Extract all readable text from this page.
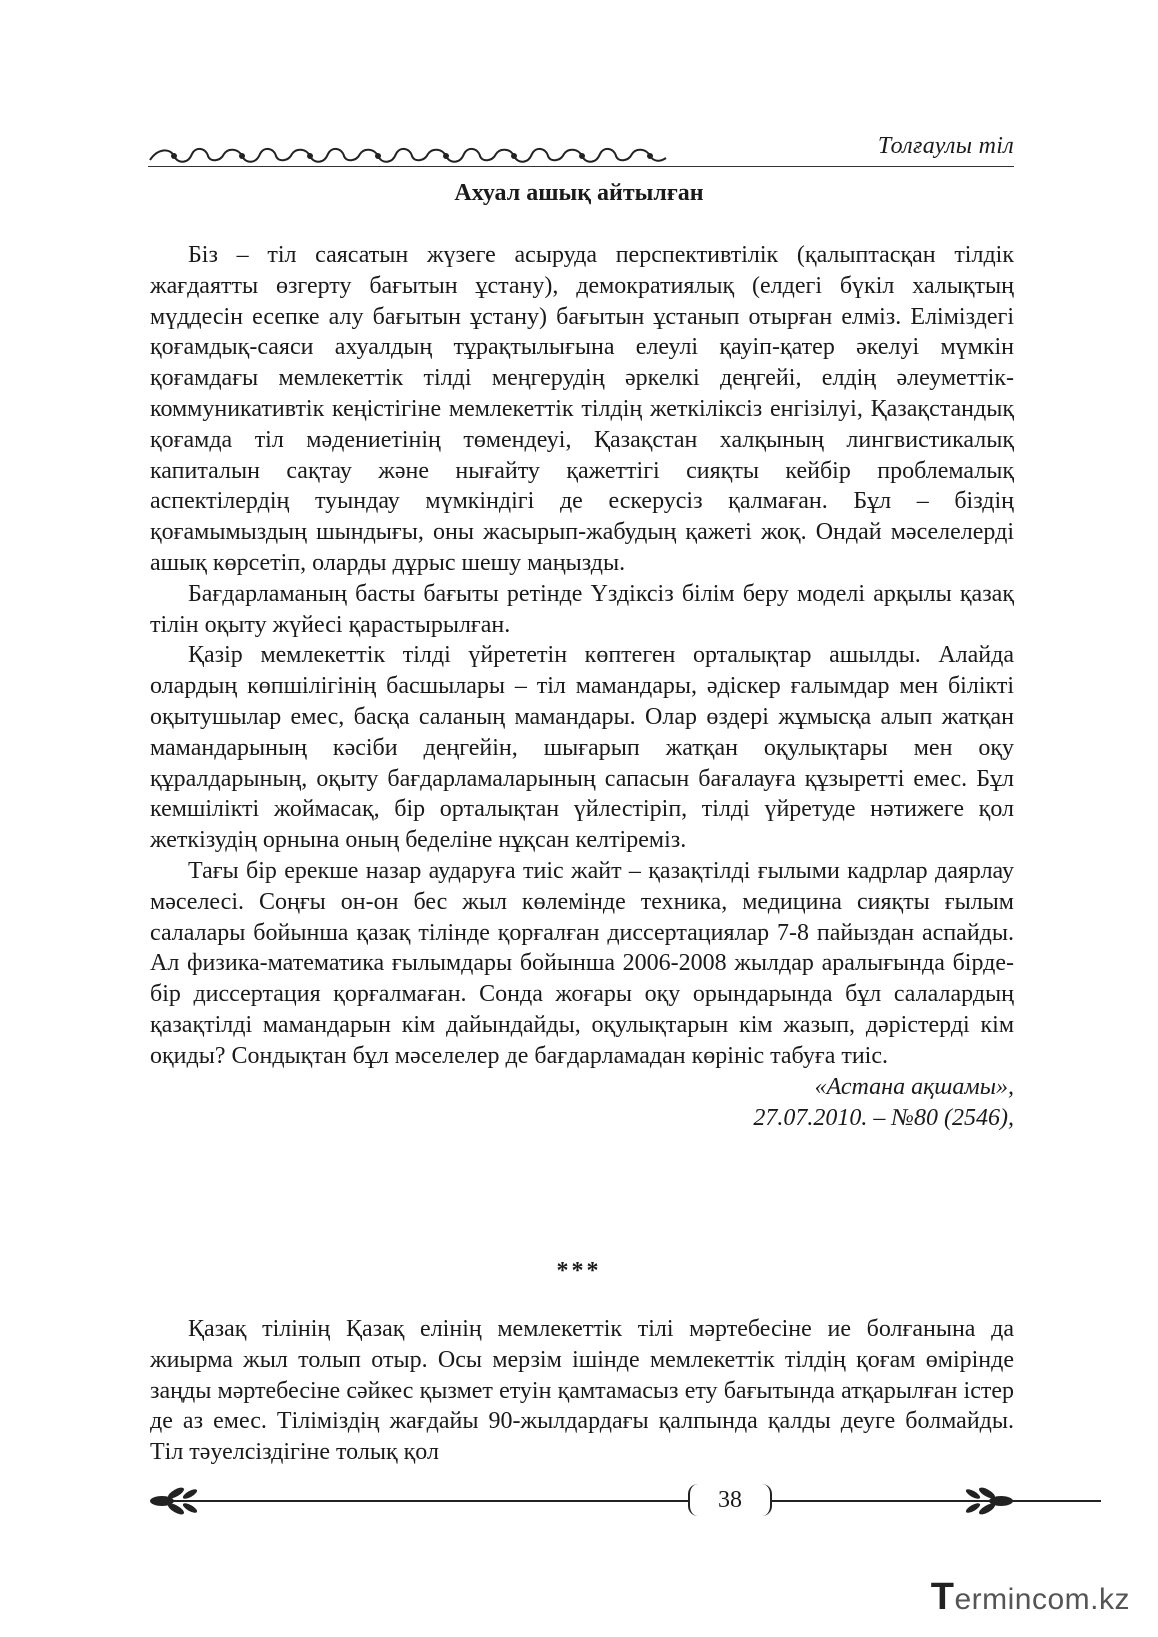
Толғаулы тіл
Ахуал ашық айтылған

Біз – тіл саясатын жүзеге асыруда перспективтілік (қалыптасқан тілдік жағдаятты өзгерту бағытын ұстану), демократиялық (елдегі бүкіл халықтың мүддесін есепке алу бағытын ұстану) бағытын ұстанып отырған елміз. Еліміздегі қоғамдық-саяси ахуалдың тұрақтылығына елеулі қауіп-қатер әкелуі мүмкін қоғамдағы мемлекеттік тілді меңгерудің әркелкі деңгейі, елдің әлеуметтік-коммуникативтік кеңістігіне мемлекеттік тілдің жеткіліксіз енгізілуі, Қазақстандық қоғамда тіл мәдениетінің төмендеуі, Қазақстан халқының лингвистикалық капиталын сақтау және нығайту қажеттігі сияқты кейбір проблемалық аспектілердің туындау мүмкіндігі де ескерусіз қалмаған. Бұл – біздің қоғамымыздың шындығы, оны жасырып-жабудың қажеті жоқ. Ондай мәселелерді ашық көрсетіп, оларды дұрыс шешу маңызды.

Бағдарламаның басты бағыты ретінде Үздіксіз білім беру моделі арқылы қазақ тілін оқыту жүйесі қарастырылған.

Қазір мемлекеттік тілді үйрететін көптеген орталықтар ашылды. Алайда олардың көпшілігінің басшылары – тіл мамандары, әдіскер ғалымдар мен білікті оқытушылар емес, басқа саланың мамандары. Олар өздері жұмысқа алып жатқан мамандарының кәсіби деңгейін, шығарып жатқан оқулықтары мен оқу құралдарының, оқыту бағдарламаларының сапасын бағалауға құзыретті емес. Бұл кемшілікті жоймасақ, бір орталықтан үйлестіріп, тілді үйретуде нәтижеге қол жеткізудің орнына оның беделіне нұқсан келтіреміз.

Тағы бір ерекше назар аударуға тиіс жайт – қазақтілді ғылыми кадрлар даярлау мәселесі. Соңғы он-он бес жыл көлемінде техника, медицина сияқты ғылым салалары бойынша қазақ тілінде қорғалған диссертациялар 7-8 пайыздан аспайды. Ал физика-математика ғылымдары бойынша 2006-2008 жылдар аралығында бірде-бір диссертация қорғалмаған. Сонда жоғары оқу орындарында бұл салалардың қазақтілді мамандарын кім дайындайды, оқулықтарын кім жазып, дәрістерді кім оқиды? Сондықтан бұл мәселелер де бағдарламадан көрініс табуға тиіс.

«Астана ақшамы»,

27.07.2010. – №80 (2546),

***

Қазақ тілінің Қазақ елінің мемлекеттік тілі мәртебесіне ие болғанына да жиырма жыл толып отыр. Осы мерзім ішінде мемлекеттік тілдің қоғам өмірінде заңды мәртебесіне сәйкес қызмет етуін қамтамасыз ету бағытында атқарылған істер де аз емес. Тіліміздің жағдайы 90-жылдардағы қалпында қалды деуге болмайды. Тіл тәуелсіздігіне толық қол

38
Termincom.kz
